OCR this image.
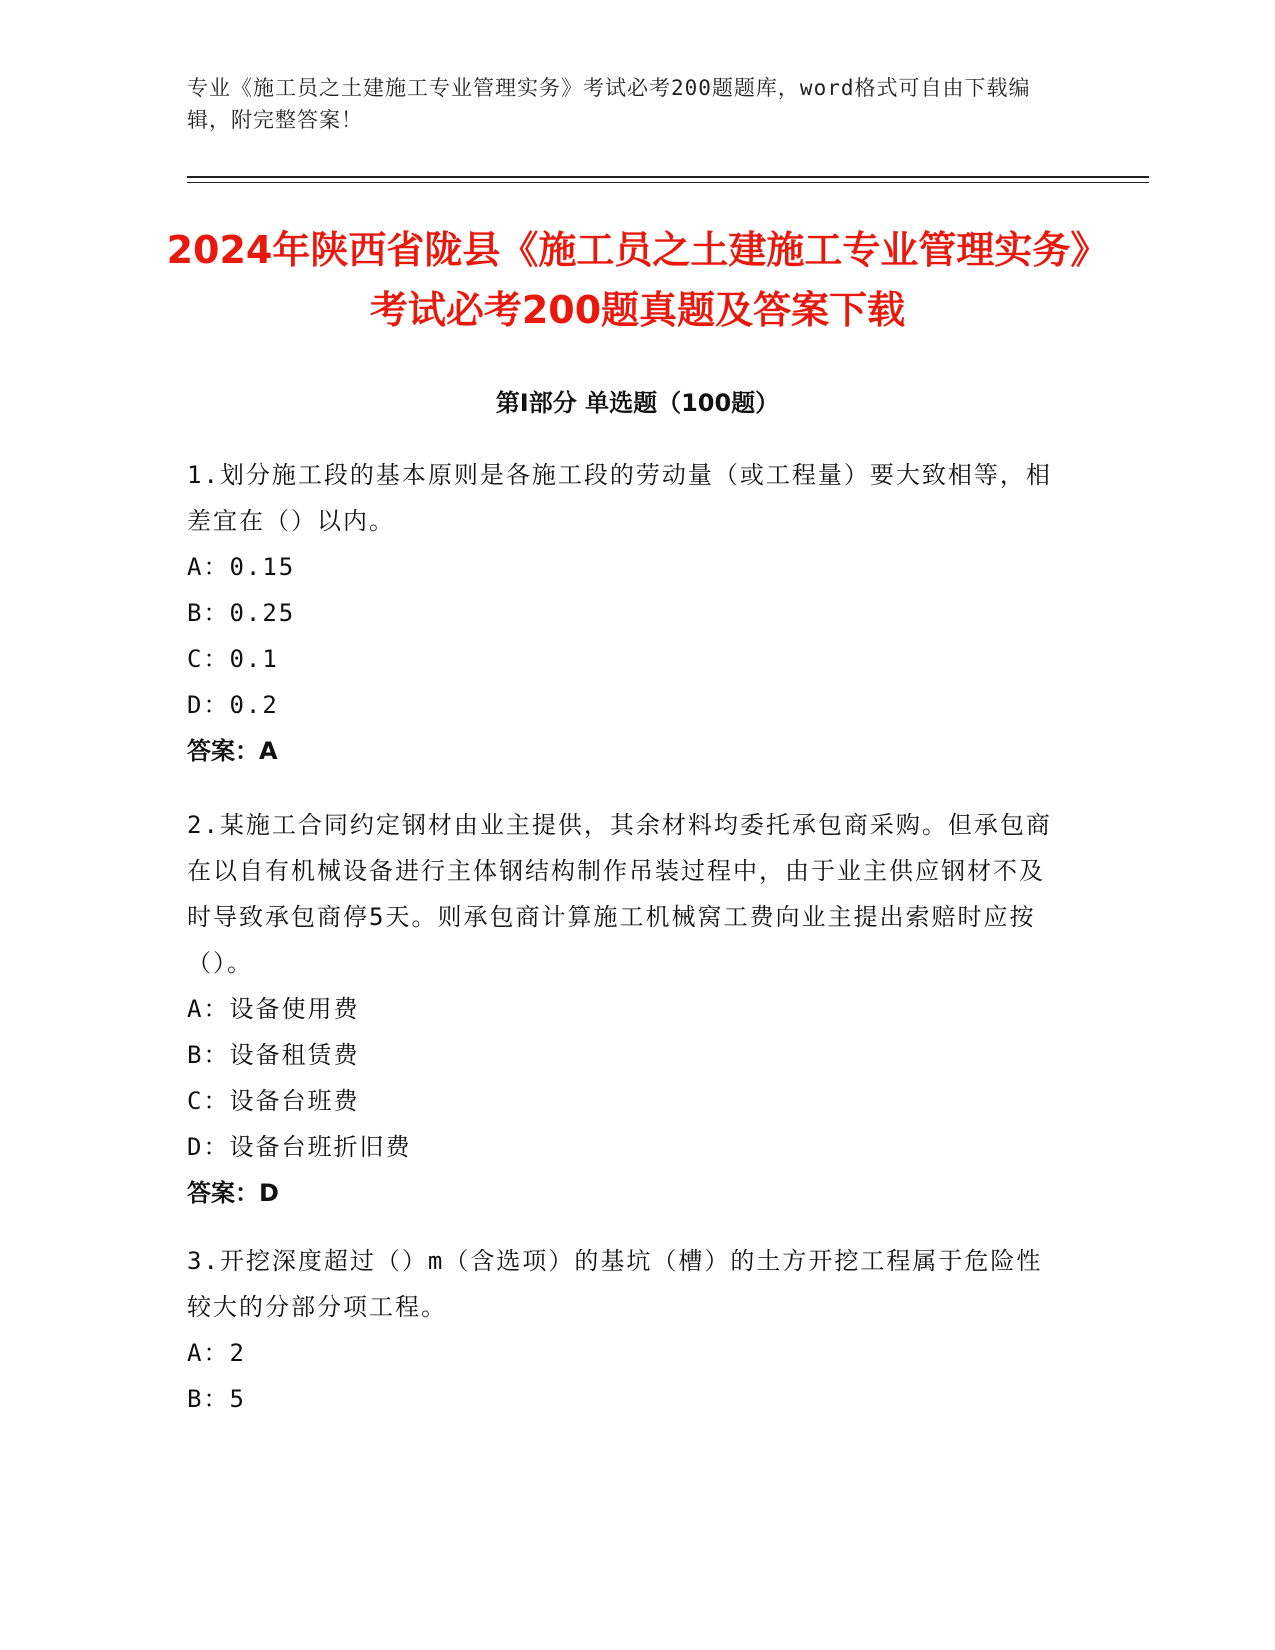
专业《施工员之土建施工专业管理实务》考试必考200题题库，word格式可自由下载编辑，附完整答案！
2024年陕西省陇县《施工员之土建施工专业管理实务》考试必考200题真题及答案下载
第I部分 单选题（100题）

1.划分施工段的基本原则是各施工段的劳动量（或工程量）要大致相等，相差宜在（）以内。

A：0.15
B：0.25
C：0.1
D：0.2
答案：A

2.某施工合同约定钢材由业主提供，其余材料均委托承包商采购。但承包商在以自有机械设备进行主体钢结构制作吊装过程中，由于业主供应钢材不及时导致承包商停5天。则承包商计算施工机械窝工费向业主提出索赔时应按（）。

A：设备使用费
B：设备租赁费
C：设备台班费
D：设备台班折旧费
答案：D

3.开挖深度超过（）m（含选项）的基坑（槽）的土方开挖工程属于危险性较大的分部分项工程。

A：2
B：5
